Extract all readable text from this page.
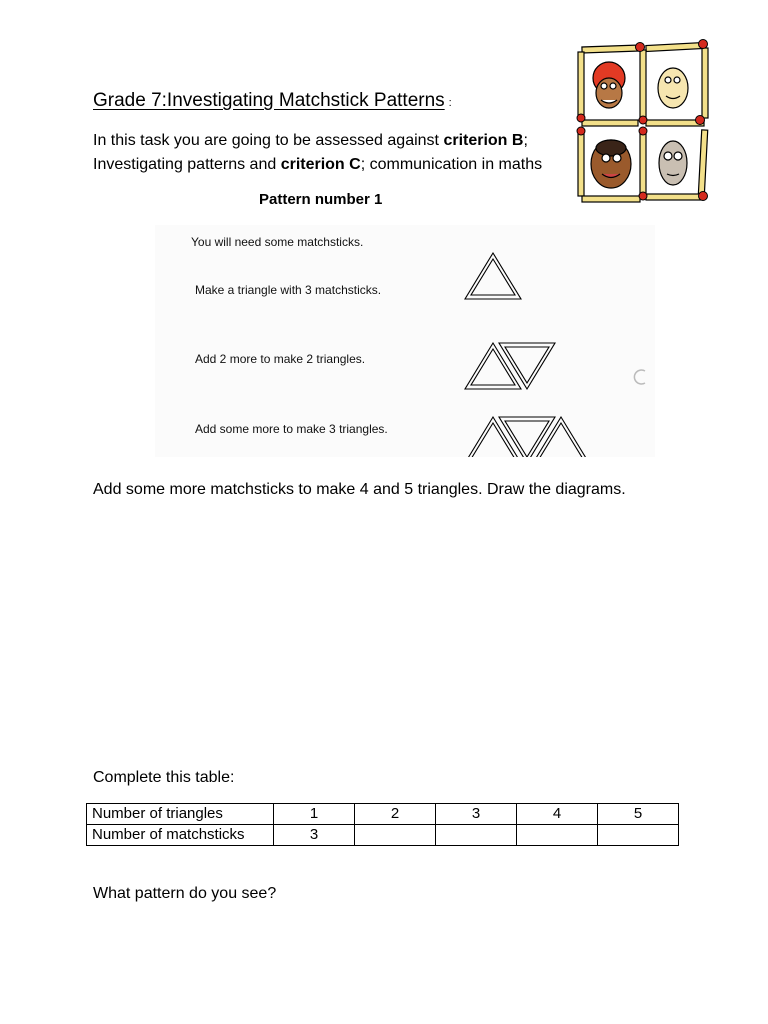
Grade 7:Investigating Matchstick Patterns :
In this task you are going to be assessed against criterion B; Investigating patterns and criterion C; communication in maths
Pattern number 1
You will need some matchsticks.
Make a triangle with 3 matchsticks.
Add 2 more to make 2 triangles.
Add some more to make 3 triangles.
Add some more matchsticks to make 4 and 5 triangles. Draw the diagrams.
Complete this table:
Number of triangles	1	2	3	4	5
Number of matchsticks	3				
What pattern do you see?
